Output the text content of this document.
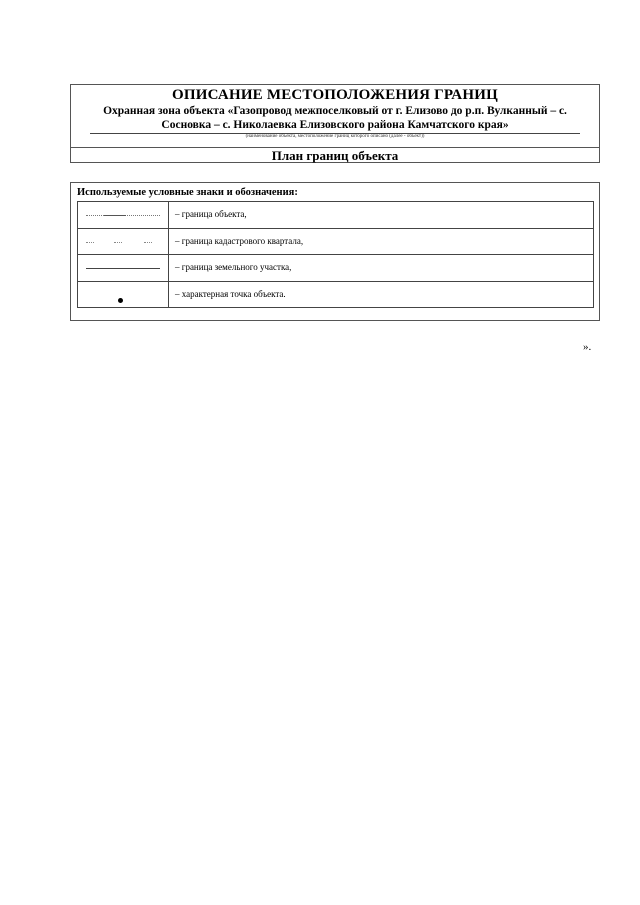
ОПИСАНИЕ МЕСТОПОЛОЖЕНИЯ ГРАНИЦ
Охранная зона объекта «Газопровод межпоселковый от г. Елизово до р.п. Вулканный – с.
Сосновка – с. Николаевка Елизовского района Камчатского края»
(наименование объекта, местоположение границ которого описано (далее - объект))
План границ объекта
Используемые условные знаки и обозначения:
	– граница объекта,

	– граница кадастрового квартала,

	– граница земельного участка,

	– характерная точка объекта.
».
